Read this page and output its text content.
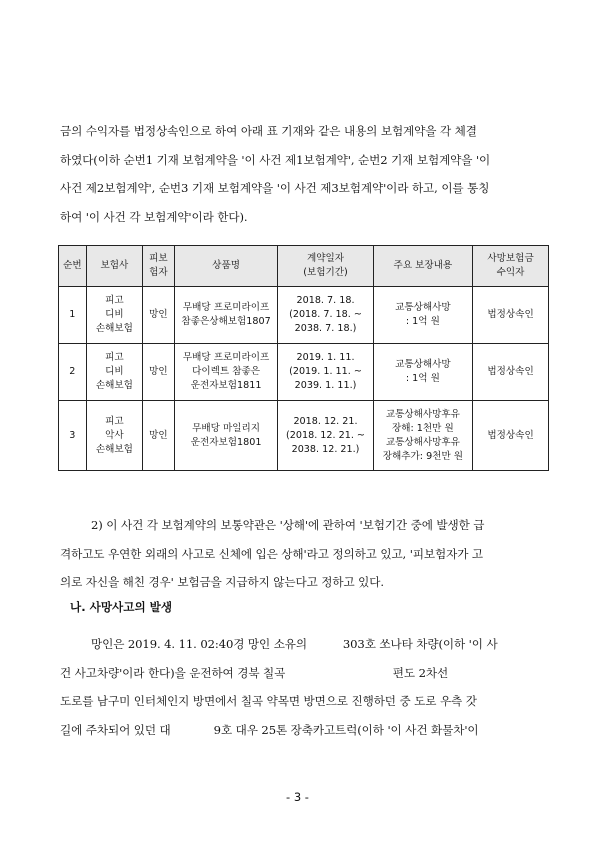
금의 수익자를 법정상속인으로 하여 아래 표 기재와 같은 내용의 보험계약을 각 체결
하였다(이하 순번1 기재 보험계약을 '이 사건 제1보험계약', 순번2 기재 보험계약을 '이
사건 제2보험계약', 순번3 기재 보험계약을 '이 사건 제3보험계약'이라 하고, 이를 통칭
하여 '이 사건 각 보험계약'이라 한다).
순번	보험사	피보
험자	상품명	계약일자
(보험기간)	주요 보장내용	사망보험금
수익자
1	피고
디비
손해보험	망인	무배당 프로미라이프
참좋은상해보험1807	2018. 7. 18.
(2018. 7. 18. ~
2038. 7. 18.)	교통상해사망
: 1억 원	법정상속인
2	피고
디비
손해보험	망인	무배당 프로미라이프
다이렉트 참좋은
운전자보험1811	2019. 1. 11.
(2019. 1. 11. ~
2039. 1. 11.)	교통상해사망
: 1억 원	법정상속인
3	피고
악사
손해보험	망인	무배당 마일리지
운전자보험1801	2018. 12. 21.
(2018. 12. 21. ~
2038. 12. 21.)	교통상해사망후유
장해: 1천만 원
교통상해사망후유
장해추가: 9천만 원	법정상속인
2) 이 사건 각 보험계약의 보통약관은 '상해'에 관하여 '보험기간 중에 발생한 급
격하고도 우연한 외래의 사고로 신체에 입은 상해'라고 정의하고 있고, '피보험자가 고
의로 자신을 해친 경우' 보험금을 지급하지 않는다고 정하고 있다.
나. 사망사고의 발생
망인은 2019. 4. 11. 02:40경 망인 소유의          303호 쏘나타 차량(이하 '이 사
건 사고차량'이라 한다)을 운전하여 경북 칠곡                              편도 2차선
도로를 남구미 인터체인지 방면에서 칠곡 약목면 방면으로 진행하던 중 도로 우측 갓
길에 주차되어 있던 대            9호 대우 25톤 장축카고트럭(이하 '이 사건 화물차'이
- 3 -
